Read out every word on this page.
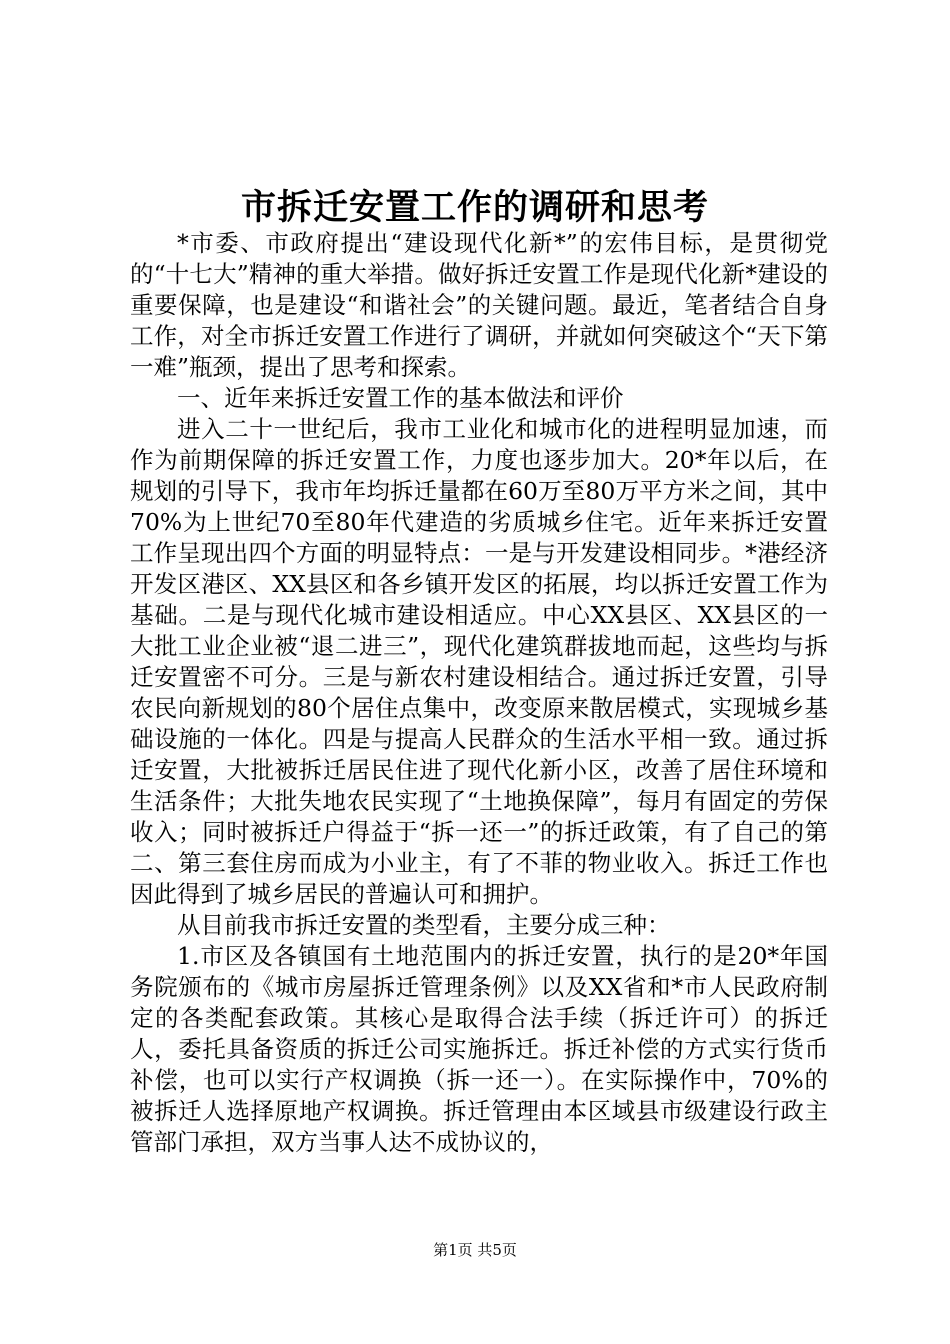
市拆迁安置工作的调研和思考

*市委、市政府提出“建设现代化新*”的宏伟目标，是贯彻党的“十七大”精神的重大举措。做好拆迁安置工作是现代化新*建设的重要保障，也是建设“和谐社会”的关键问题。最近，笔者结合自身工作，对全市拆迁安置工作进行了调研，并就如何突破这个“天下第一难”瓶颈，提出了思考和探索。

一、近年来拆迁安置工作的基本做法和评价

进入二十一世纪后，我市工业化和城市化的进程明显加速，而作为前期保障的拆迁安置工作，力度也逐步加大。20*年以后，在规划的引导下，我市年均拆迁量都在60万至80万平方米之间，其中70%为上世纪70至80年代建造的劣质城乡住宅。近年来拆迁安置工作呈现出四个方面的明显特点：一是与开发建设相同步。*港经济开发区港区、XX县区和各乡镇开发区的拓展，均以拆迁安置工作为基础。二是与现代化城市建设相适应。中心XX县区、XX县区的一大批工业企业被“退二进三”，现代化建筑群拔地而起，这些均与拆迁安置密不可分。三是与新农村建设相结合。通过拆迁安置，引导农民向新规划的80个居住点集中，改变原来散居模式，实现城乡基础设施的一体化。四是与提高人民群众的生活水平相一致。通过拆迁安置，大批被拆迁居民住进了现代化新小区，改善了居住环境和生活条件；大批失地农民实现了“土地换保障”，每月有固定的劳保收入；同时被拆迁户得益于“拆一还一”的拆迁政策，有了自己的第二、第三套住房而成为小业主，有了不菲的物业收入。拆迁工作也因此得到了城乡居民的普遍认可和拥护。

从目前我市拆迁安置的类型看，主要分成三种：

1.市区及各镇国有土地范围内的拆迁安置，执行的是20*年国务院颁布的《城市房屋拆迁管理条例》以及XX省和*市人民政府制定的各类配套政策。其核心是取得合法手续（拆迁许可）的拆迁人，委托具备资质的拆迁公司实施拆迁。拆迁补偿的方式实行货币补偿，也可以实行产权调换（拆一还一）。在实际操作中，70%的被拆迁人选择原地产权调换。拆迁管理由本区域县市级建设行政主管部门承担，双方当事人达不成协议的，

第1页 共5页
